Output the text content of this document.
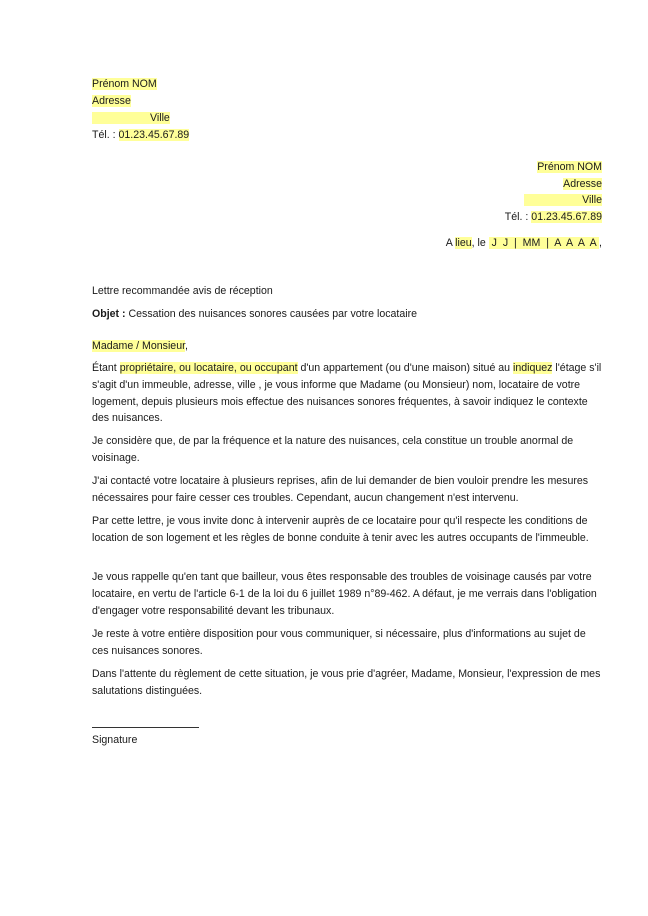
Prénom NOM
Adresse
Ville
Tél. : 01.23.45.67.89
Prénom NOM
Adresse
Ville
Tél. : 01.23.45.67.89
A lieu, le  J  J  |  MM  |  A  A  A  A ,
Lettre recommandée avis de réception
Objet : Cessation des nuisances sonores causées par votre locataire
Madame / Monsieur,
Étant propriétaire, ou locataire, ou occupant d'un appartement (ou d'une maison) situé au indiquez l'étage s'il s'agit d'un immeuble, adresse, ville , je vous informe que Madame (ou Monsieur) nom, locataire de votre logement, depuis plusieurs mois effectue des nuisances sonores fréquentes, à savoir indiquez le contexte des nuisances.
Je considère que, de par la fréquence et la nature des nuisances, cela constitue un trouble anormal de voisinage.
J'ai contacté votre locataire à plusieurs reprises, afin de lui demander de bien vouloir prendre les mesures nécessaires pour faire cesser ces troubles. Cependant, aucun changement n'est intervenu.
Par cette lettre, je vous invite donc à intervenir auprès de ce locataire pour qu'il respecte les conditions de location de son logement et les règles de bonne conduite à tenir avec les autres occupants de l'immeuble.
Je vous rappelle qu'en tant que bailleur, vous êtes responsable des troubles de voisinage causés par votre locataire, en vertu de l'article 6-1 de la loi du 6 juillet 1989 n°89-462. A défaut, je me verrais dans l'obligation d'engager votre responsabilité devant les tribunaux.
Je reste à votre entière disposition pour vous communiquer, si nécessaire, plus d'informations au sujet de ces nuisances sonores.
Dans l'attente du règlement de cette situation, je vous prie d'agréer, Madame, Monsieur, l'expression de mes salutations distinguées.
Signature
